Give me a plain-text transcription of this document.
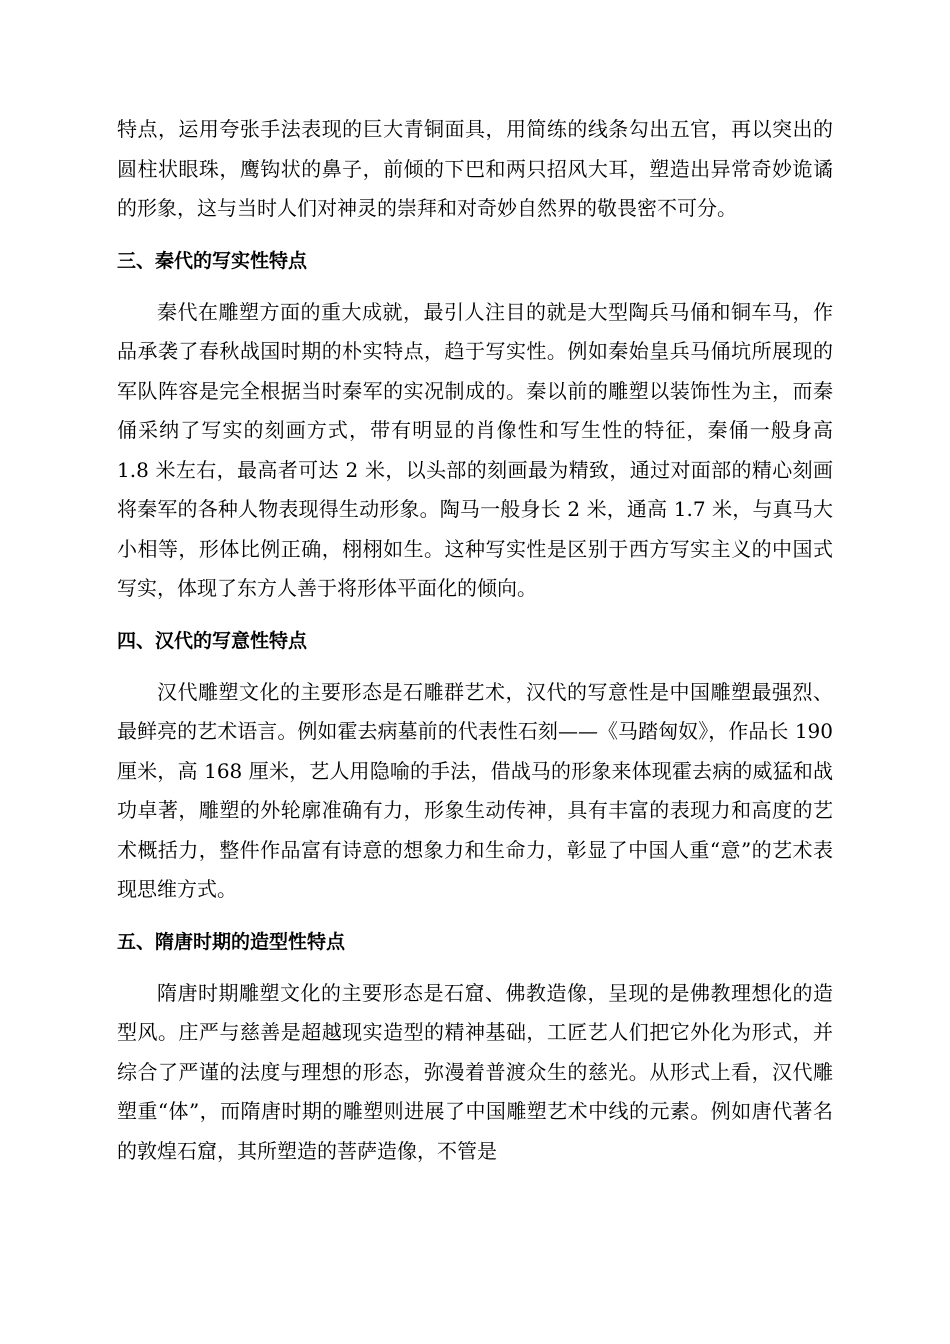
特点，运用夸张手法表现的巨大青铜面具，用简练的线条勾出五官，再以突出的圆柱状眼珠，鹰钩状的鼻子，前倾的下巴和两只招风大耳，塑造出异常奇妙诡谲的形象，这与当时人们对神灵的崇拜和对奇妙自然界的敬畏密不可分。

三、秦代的写实性特点

秦代在雕塑方面的重大成就，最引人注目的就是大型陶兵马俑和铜车马，作品承袭了春秋战国时期的朴实特点，趋于写实性。例如秦始皇兵马俑坑所展现的军队阵容是完全根据当时秦军的实况制成的。秦以前的雕塑以装饰性为主，而秦俑采纳了写实的刻画方式，带有明显的肖像性和写生性的特征，秦俑一般身高 1.8 米左右，最高者可达 2 米，以头部的刻画最为精致，通过对面部的精心刻画将秦军的各种人物表现得生动形象。陶马一般身长 2 米，通高 1.7 米，与真马大小相等，形体比例正确，栩栩如生。这种写实性是区别于西方写实主义的中国式写实，体现了东方人善于将形体平面化的倾向。

四、汉代的写意性特点

汉代雕塑文化的主要形态是石雕群艺术，汉代的写意性是中国雕塑最强烈、最鲜亮的艺术语言。例如霍去病墓前的代表性石刻——《马踏匈奴》，作品长 190 厘米，高 168 厘米，艺人用隐喻的手法，借战马的形象来体现霍去病的威猛和战功卓著，雕塑的外轮廓准确有力，形象生动传神，具有丰富的表现力和高度的艺术概括力，整件作品富有诗意的想象力和生命力，彰显了中国人重“意”的艺术表现思维方式。

五、隋唐时期的造型性特点

隋唐时期雕塑文化的主要形态是石窟、佛教造像，呈现的是佛教理想化的造型风。庄严与慈善是超越现实造型的精神基础，工匠艺人们把它外化为形式，并综合了严谨的法度与理想的形态，弥漫着普渡众生的慈光。从形式上看，汉代雕塑重“体”，而隋唐时期的雕塑则进展了中国雕塑艺术中线的元素。例如唐代著名的敦煌石窟，其所塑造的菩萨造像，不管是
